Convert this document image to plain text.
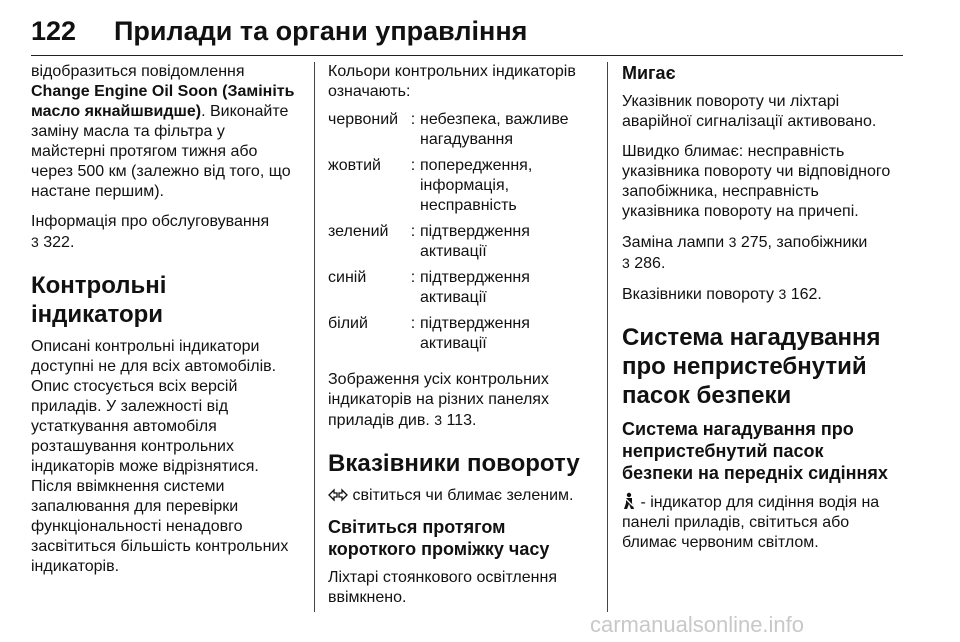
122 Прилади та органи управління

відобразиться повідомлення Change Engine Oil Soon (Замініть масло якнайшвидше). Виконайте заміну масла та фільтра у майстерні протягом тижня або через 500 км (залежно від того, що настане першим).

Інформація про обслуговування
3 322.

Контрольні індикатори

Описані контрольні індикатори доступні не для всіх автомобілів. Опис стосується всіх версій приладів. У залежності від устаткування автомобіля розташування контрольних індикаторів може відрізнятися. Після ввімкнення системи запалювання для перевірки функціональності ненадовго засвітиться більшість контрольних індикаторів.

Кольори контрольних індикаторів означають:

червоний	:	небезпека, важливе нагадування
жовтий	:	попередження, інформація, несправність
зелений	:	підтвердження активації
синій	:	підтвердження активації
білий	:	підтвердження активації

Зображення усіх контрольних індикаторів на різних панелях приладів див. 3 113.

Вказівники повороту

світиться чи блимає зеленим.

Світиться протягом короткого проміжку часу

Ліхтарі стоянкового освітлення ввімкнено.

Мигає

Указівник повороту чи ліхтарі аварійної сигналізації активовано.

Швидко блимає: несправність указівника повороту чи відповідного запобіжника, несправність указівника повороту на причепі.

Заміна лампи 3 275, запобіжники
3 286.

Вказівники повороту 3 162.

Система нагадування про непристебнутий пасок безпеки
Система нагадування про непристебнутий пасок безпеки на передніх сидіннях

- індикатор для сидіння водія на панелі приладів, світиться або блимає червоним світлом.

carmanualsonline.info
